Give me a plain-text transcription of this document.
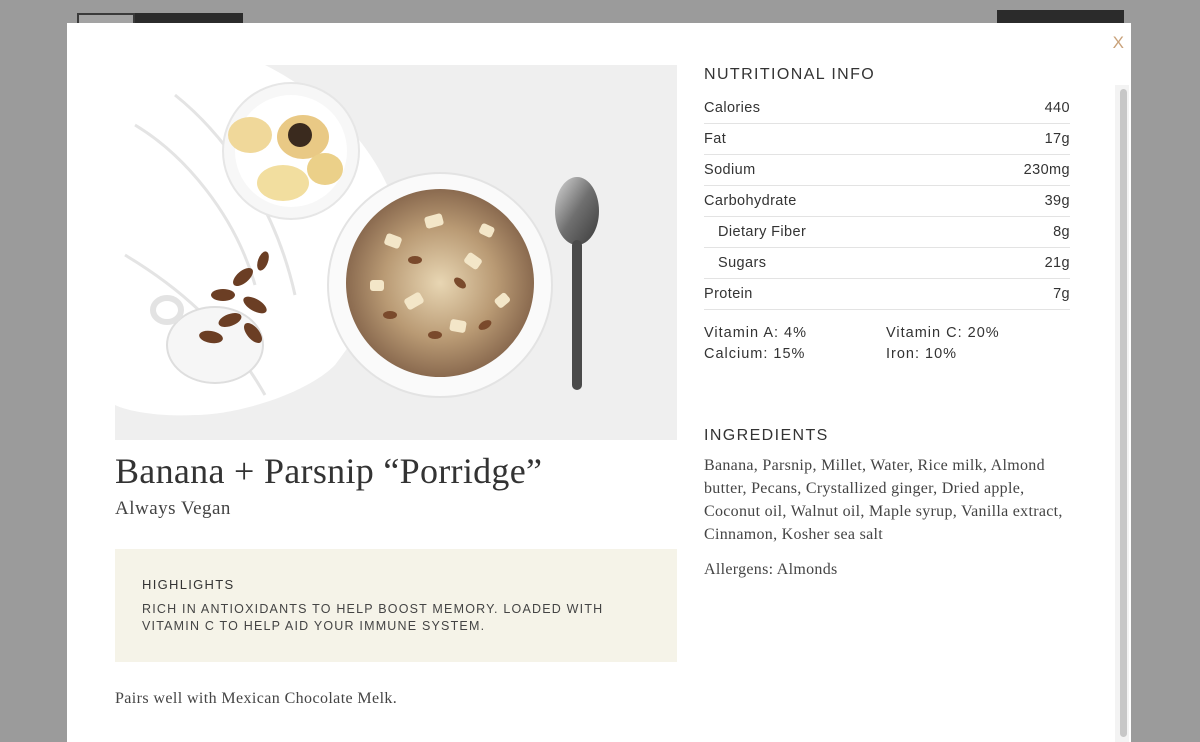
X
Banana + Parsnip “Porridge”
Always Vegan
HIGHLIGHTS
RICH IN ANTIOXIDANTS TO HELP BOOST MEMORY. LOADED WITH VITAMIN C TO HELP AID YOUR IMMUNE SYSTEM.
Pairs well with Mexican Chocolate Melk.
NUTRITIONAL INFO
Calories	440
Fat	17g
Sodium	230mg
Carbohydrate	39g
Dietary Fiber	8g
Sugars	21g
Protein	7g
Vitamin A: 4%	Vitamin C: 20%
Calcium: 15%	Iron: 10%
INGREDIENTS
Banana, Parsnip, Millet, Water, Rice milk, Almond butter, Pecans, Crystallized ginger, Dried apple, Coconut oil, Walnut oil, Maple syrup, Vanilla extract, Cinnamon, Kosher sea salt
Allergens: Almonds
